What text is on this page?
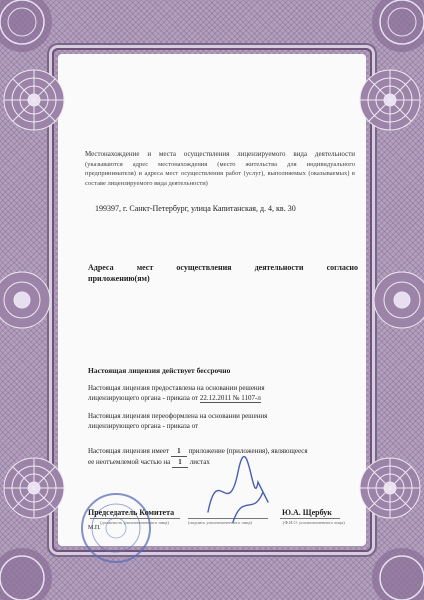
Местонахождение и места осуществления лицензируемого вида деятельности (указываются адрес местонахождения (место жительства для индивидуального предпринимателя) и адреса мест осуществления работ (услуг), выполняемых (оказываемых) в составе лицензируемого вида деятельности)
199397, г. Санкт-Петербург, улица Капитанская, д. 4, кв. 30
Адреса мест осуществления деятельности согласно приложению(ям)
Настоящая лицензия действует бессрочно
Настоящая лицензия предоставлена на основании решения
лицензирующего органа - приказа от 22.12.2011 № 1107-л
Настоящая лицензия переоформлена на основании решения
лицензирующего органа - приказа от
Настоящая лицензия имеет 1 приложение (приложения), являющееся
ее неотъемлемой частью на 1 листах
Председатель Комитета
(должность уполномоченного лица)	(подпись уполномоченного лица)
Ю.А. Щербук
(Ф.И.О. уполномоченного лица)
М.П.
